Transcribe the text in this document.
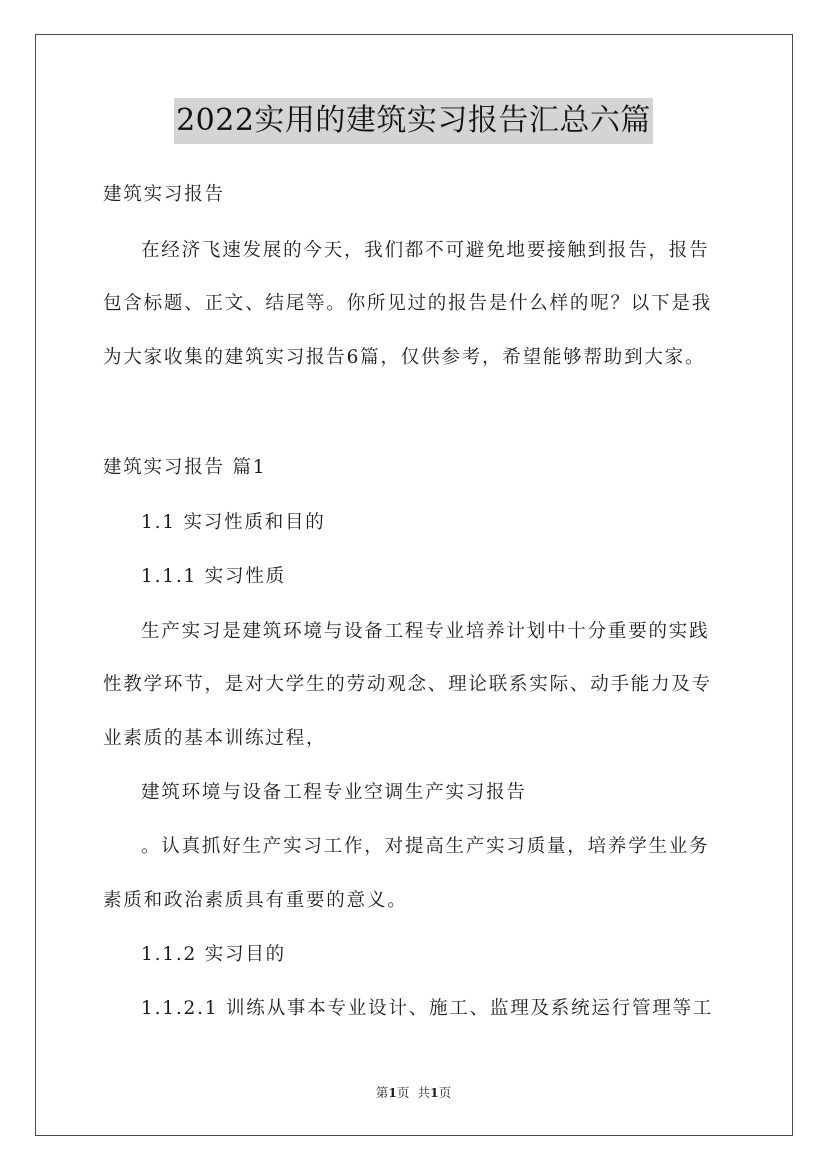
2022实用的建筑实习报告汇总六篇
建筑实习报告
在经济飞速发展的今天，我们都不可避免地要接触到报告，报告
包含标题、正文、结尾等。你所见过的报告是什么样的呢？以下是我
为大家收集的建筑实习报告6篇，仅供参考，希望能够帮助到大家。
建筑实习报告 篇1
1.1 实习性质和目的
1.1.1 实习性质
生产实习是建筑环境与设备工程专业培养计划中十分重要的实践
性教学环节，是对大学生的劳动观念、理论联系实际、动手能力及专
业素质的基本训练过程，
建筑环境与设备工程专业空调生产实习报告
。认真抓好生产实习工作，对提高生产实习质量，培养学生业务
素质和政治素质具有重要的意义。
1.1.2 实习目的
1.1.2.1 训练从事本专业设计、施工、监理及系统运行管理等工
第1页 共1页
